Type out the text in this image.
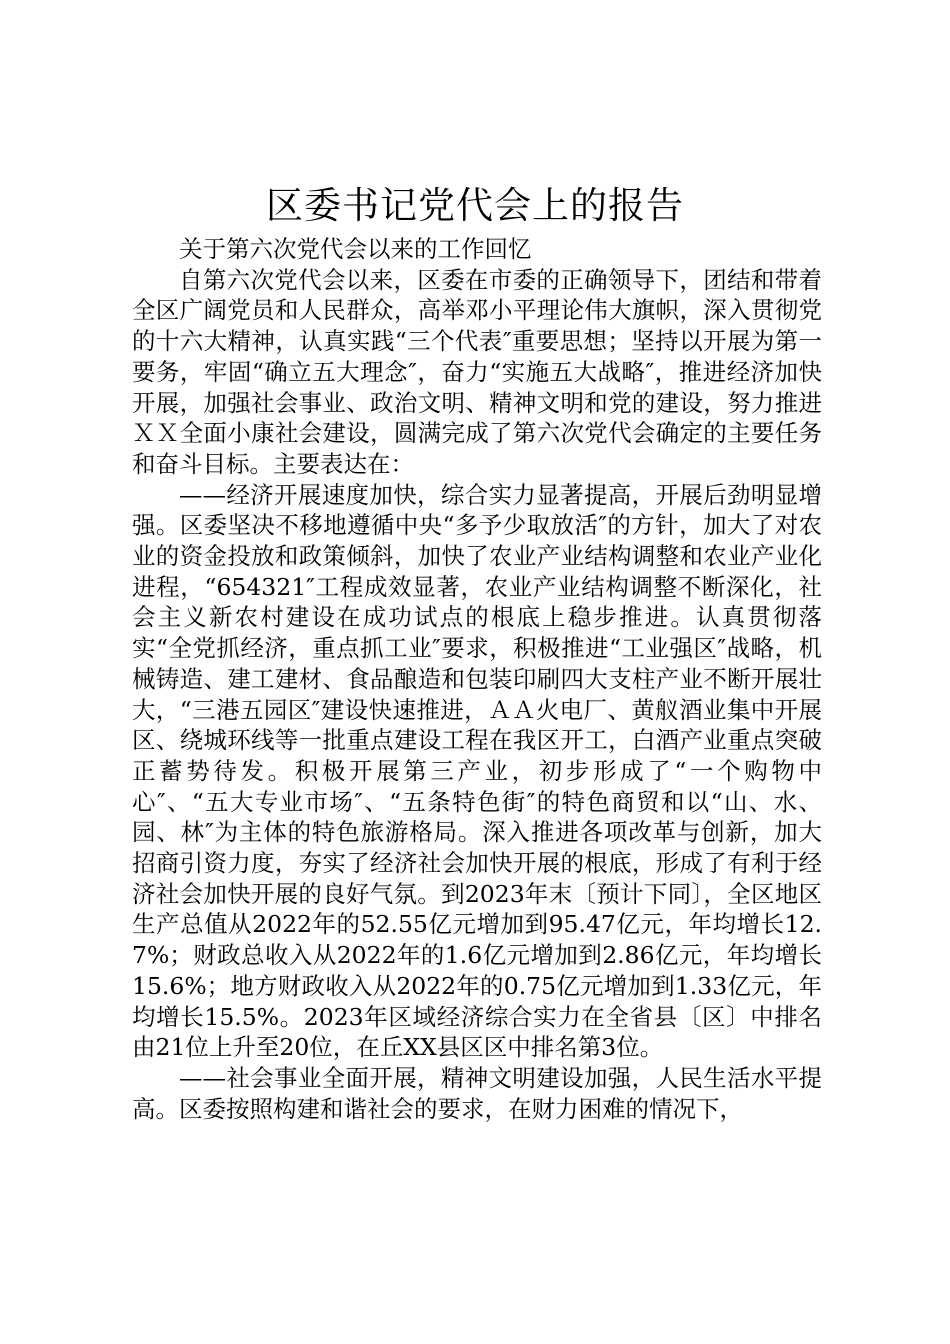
区委书记党代会上的报告

关于第六次党代会以来的工作回忆

自第六次党代会以来，区委在市委的正确领导下，团结和带着全区广阔党员和人民群众，高举邓小平理论伟大旗帜，深入贯彻党的十六大精神，认真实践“三个代表″重要思想；坚持以开展为第一要务，牢固“确立五大理念″，奋力“实施五大战略″，推进经济加快开展，加强社会事业、政治文明、精神文明和党的建设，努力推进ＸＸ全面小康社会建设，圆满完成了第六次党代会确定的主要任务和奋斗目标。主要表达在：

——经济开展速度加快，综合实力显著提高，开展后劲明显增强。区委坚决不移地遵循中央“多予少取放活″的方针，加大了对农业的资金投放和政策倾斜，加快了农业产业结构调整和农业产业化进程，“654321″工程成效显著，农业产业结构调整不断深化，社会主义新农村建设在成功试点的根底上稳步推进。认真贯彻落实“全党抓经济，重点抓工业″要求，积极推进“工业强区″战略，机械铸造、建工建材、食品酿造和包装印刷四大支柱产业不断开展壮大，“三港五园区″建设快速推进，ＡＡ火电厂、黄舣酒业集中开展区、绕城环线等一批重点建设工程在我区开工，白酒产业重点突破正蓄势待发。积极开展第三产业，初步形成了“一个购物中心″、“五大专业市场″、“五条特色街″的特色商贸和以“山、水、园、林″为主体的特色旅游格局。深入推进各项改革与创新，加大招商引资力度，夯实了经济社会加快开展的根底，形成了有利于经济社会加快开展的良好气氛。到2023年末〔预计下同〕，全区地区生产总值从2022年的52.55亿元增加到95.47亿元，年均增长12.7%；财政总收入从2022年的1.6亿元增加到2.86亿元，年均增长15.6%；地方财政收入从2022年的0.75亿元增加到1.33亿元，年均增长15.5%。2023年区域经济综合实力在全省县〔区〕中排名由21位上升至20位，在丘XX县区区中排名第3位。

——社会事业全面开展，精神文明建设加强，人民生活水平提高。区委按照构建和谐社会的要求，在财力困难的情况下，
